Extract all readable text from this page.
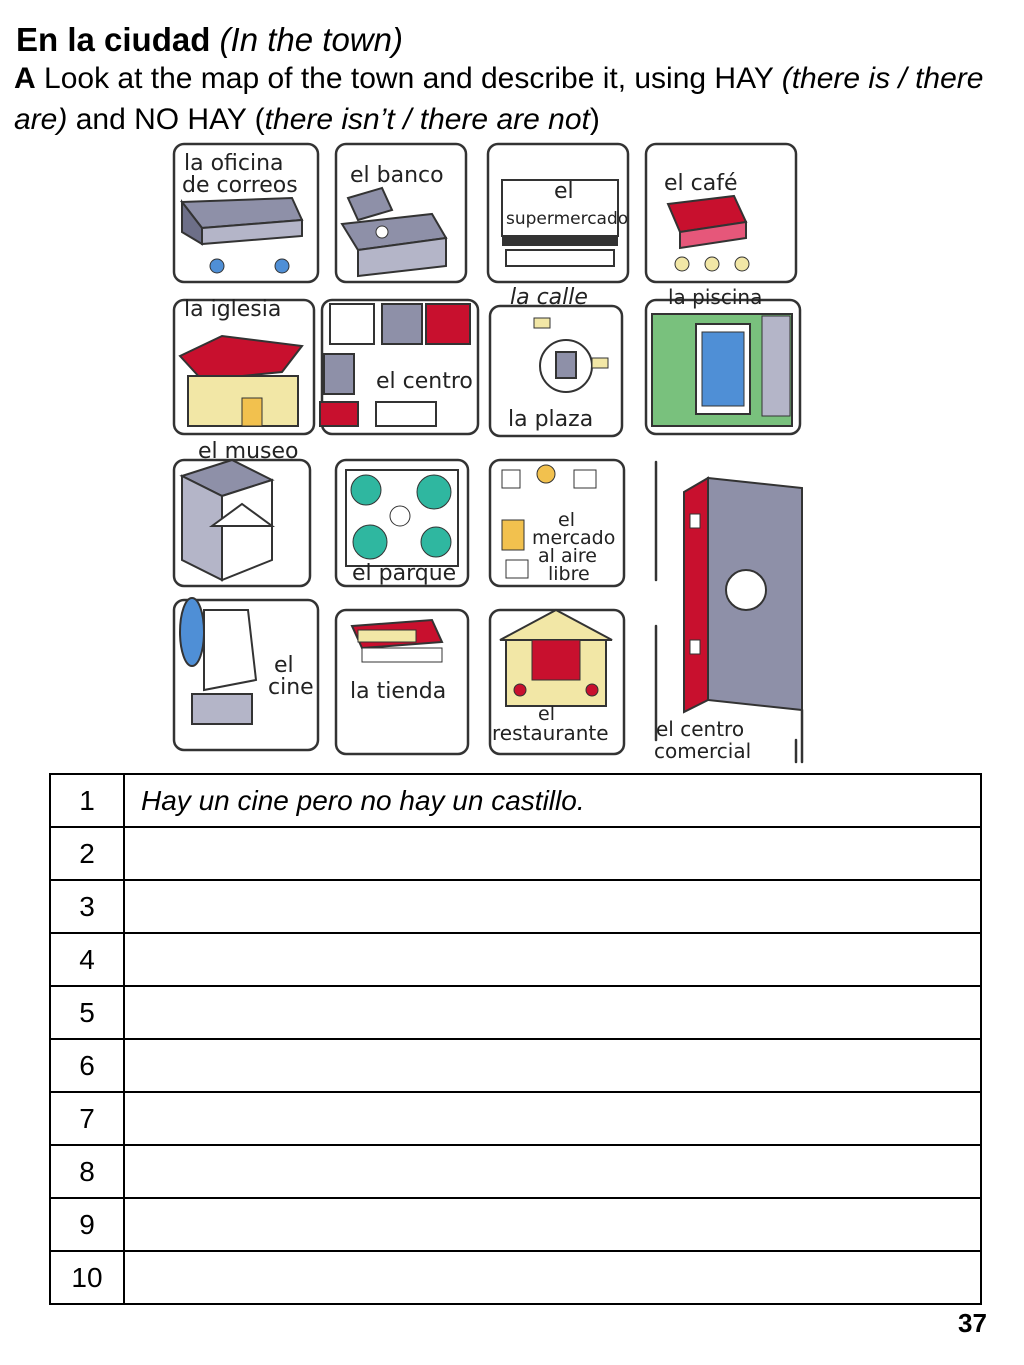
En la ciudad (In the town)
A Look at the map of the town and describe it, using HAY (there is / there are) and NO HAY (there isn’t / there are not)
la oficina
de correos el banco
el
supermercado
el café
la iglesia	la calle	la piscina
el centro
la plaza
el museo
el parque
el
mercado
al aire
libre
el
cine la tienda
el
restaurante el centro
comercial
1	Hay un cine pero no hay un castillo.
2	
3	
4	
5	
6	
7	
8	
9	
10	
37
